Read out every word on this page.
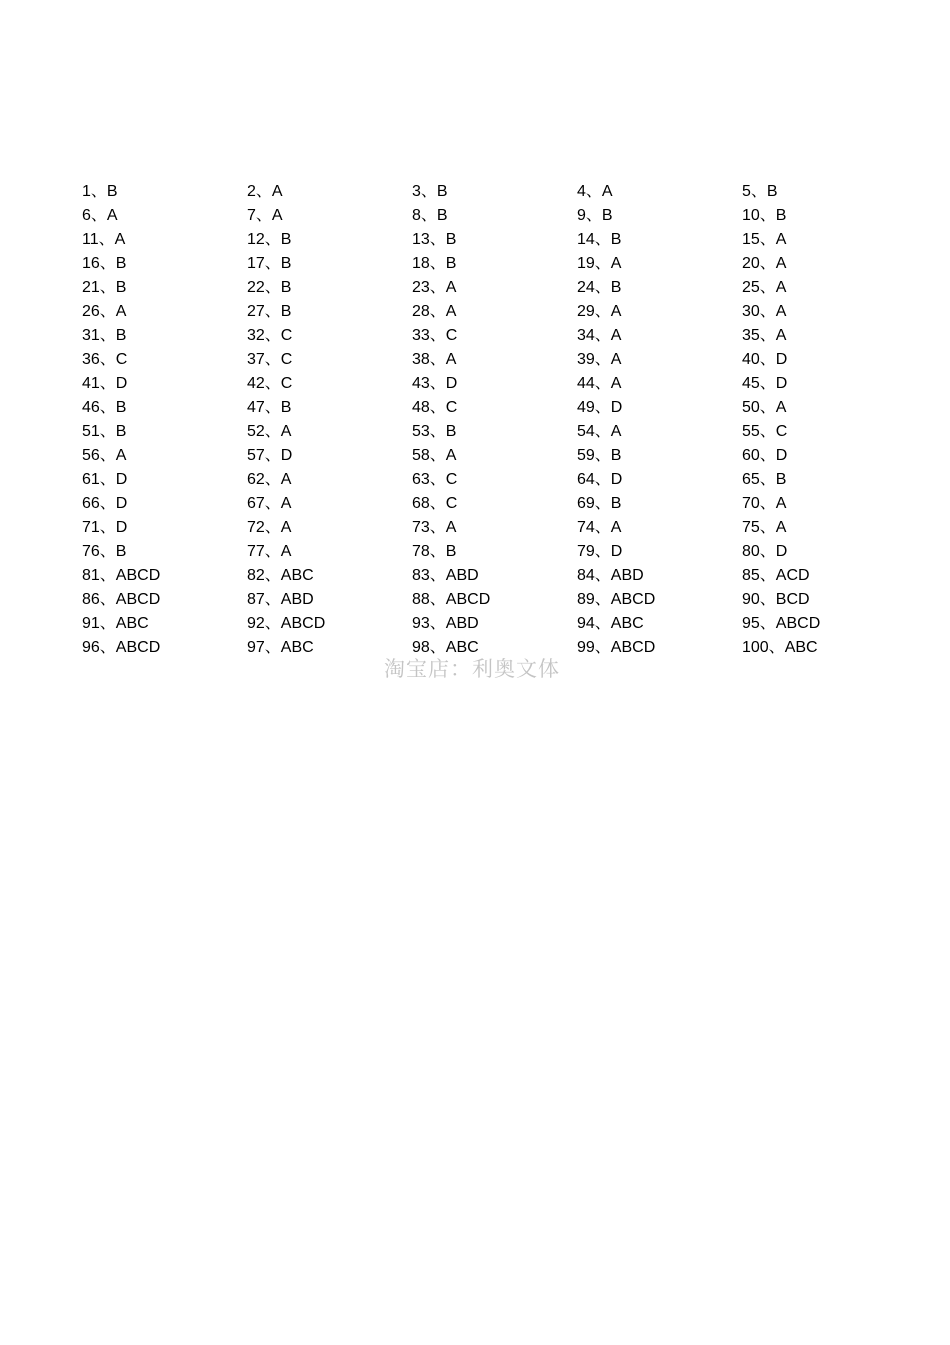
1、B	2、A	3、B	4、A	5、B
6、A	7、A	8、B	9、B	10、B
11、A	12、B	13、B	14、B	15、A
16、B	17、B	18、B	19、A	20、A
21、B	22、B	23、A	24、B	25、A
26、A	27、B	28、A	29、A	30、A
31、B	32、C	33、C	34、A	35、A
36、C	37、C	38、A	39、A	40、D
41、D	42、C	43、D	44、A	45、D
46、B	47、B	48、C	49、D	50、A
51、B	52、A	53、B	54、A	55、C
56、A	57、D	58、A	59、B	60、D
61、D	62、A	63、C	64、D	65、B
66、D	67、A	68、C	69、B	70、A
71、D	72、A	73、A	74、A	75、A
76、B	77、A	78、B	79、D	80、D
81、ABCD	82、ABC	83、ABD	84、ABD	85、ACD
86、ABCD	87、ABD	88、ABCD	89、ABCD	90、BCD
91、ABC	92、ABCD	93、ABD	94、ABC	95、ABCD
96、ABCD	97、ABC	98、ABC	99、ABCD	100、ABC
淘宝店：利奥文体
